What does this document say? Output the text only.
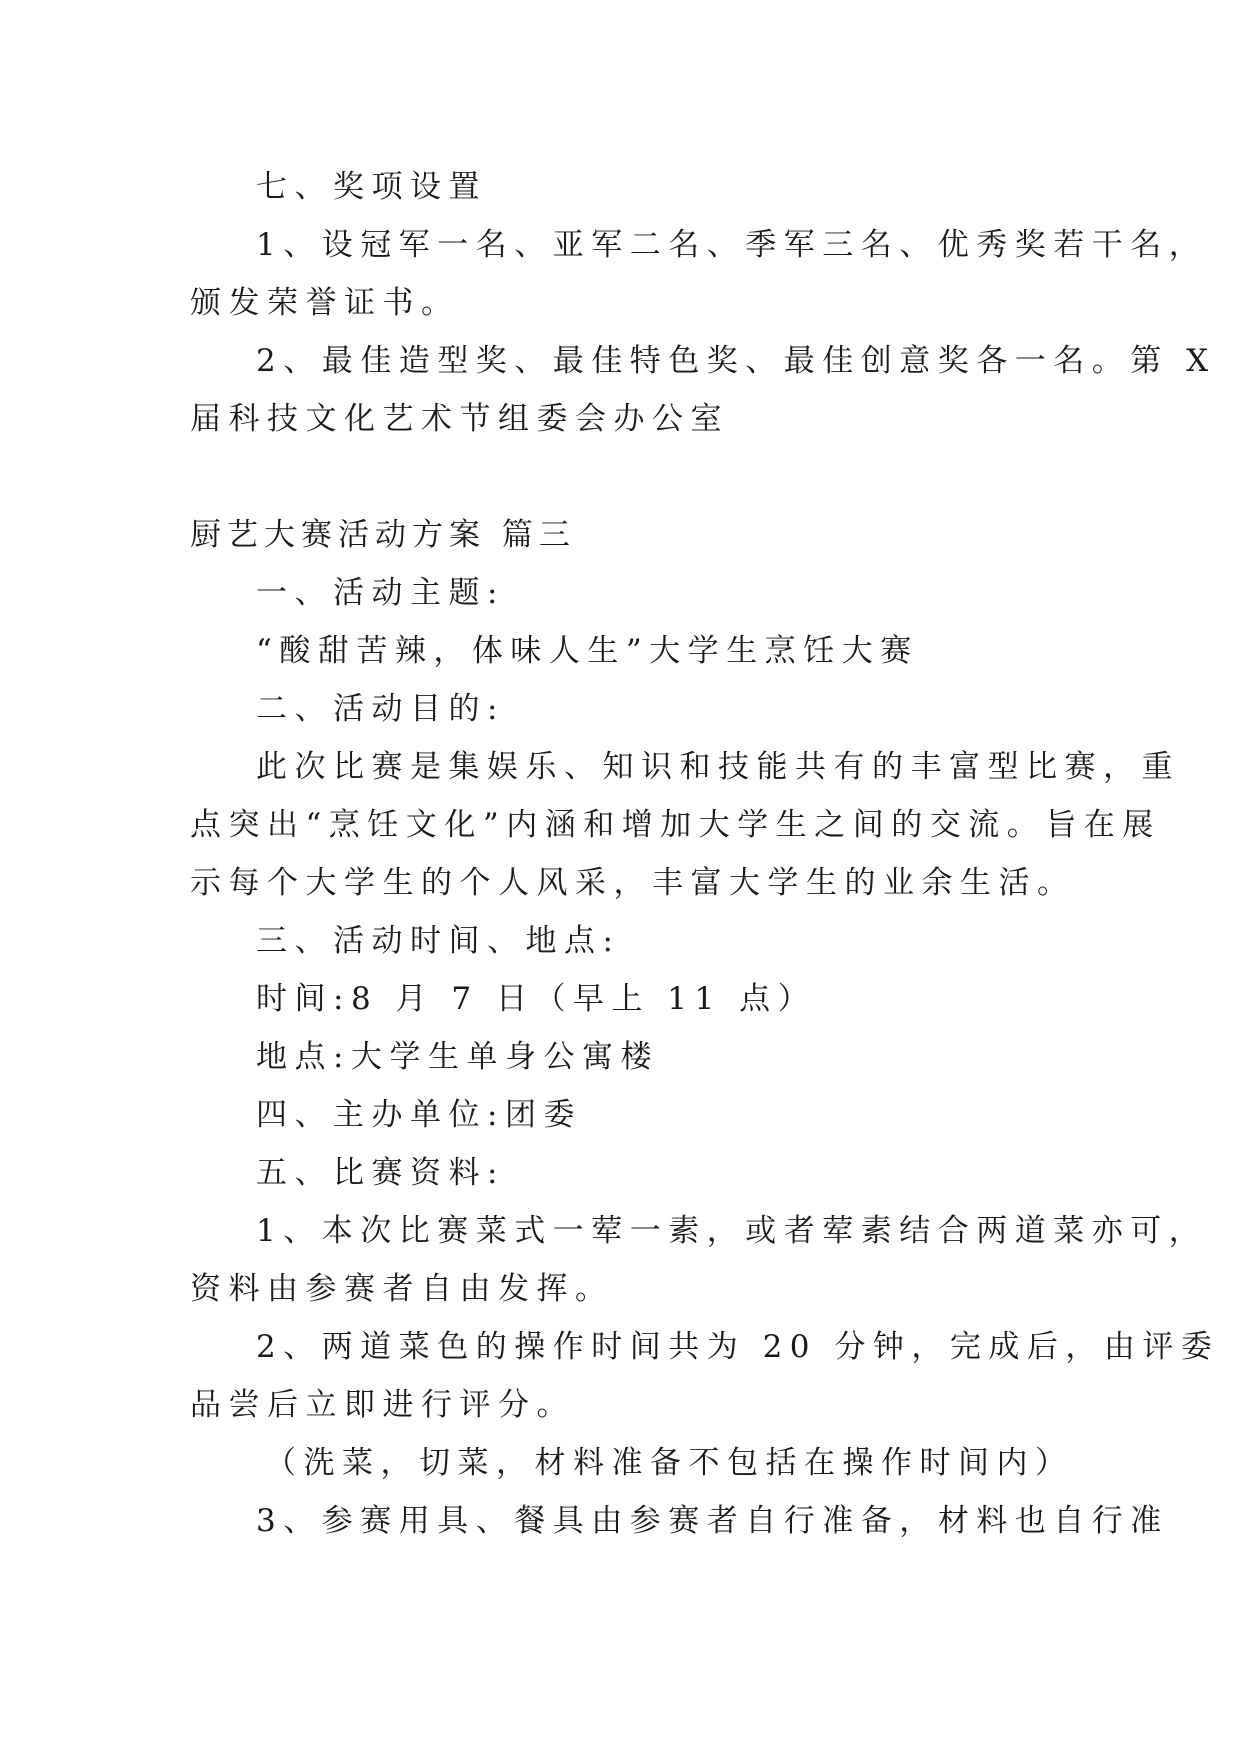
七、奖项设置

1、设冠军一名、亚军二名、季军三名、优秀奖若干名，

颁发荣誉证书。

2、最佳造型奖、最佳特色奖、最佳创意奖各一名。第 X

届科技文化艺术节组委会办公室

厨艺大赛活动方案 篇三

一、活动主题:

“酸甜苦辣，体味人生”大学生烹饪大赛

二、活动目的:

此次比赛是集娱乐、知识和技能共有的丰富型比赛，重

点突出“烹饪文化”内涵和增加大学生之间的交流。旨在展

示每个大学生的个人风采，丰富大学生的业余生活。

三、活动时间、地点:

时间:8 月 7 日（早上 11 点）

地点:大学生单身公寓楼

四、主办单位:团委

五、比赛资料:

1、本次比赛菜式一荤一素，或者荤素结合两道菜亦可，

资料由参赛者自由发挥。

2、两道菜色的操作时间共为 20 分钟，完成后，由评委

品尝后立即进行评分。

（洗菜，切菜，材料准备不包括在操作时间内）

3、参赛用具、餐具由参赛者自行准备，材料也自行准
